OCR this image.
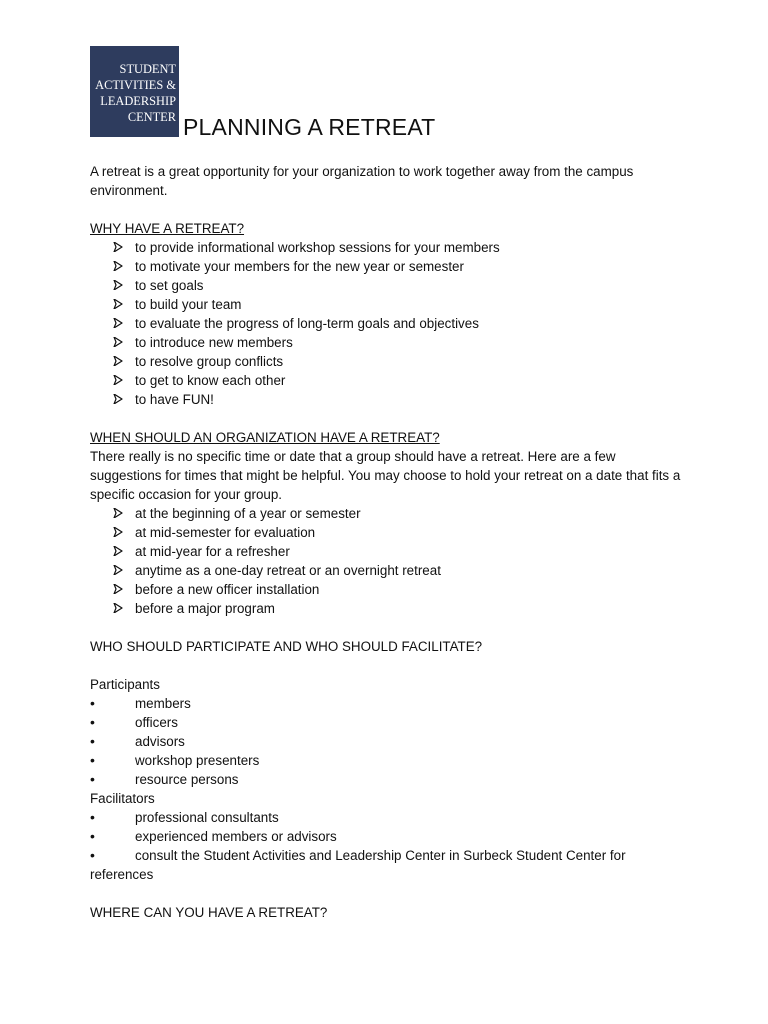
STUDENT
ACTIVITIES &
LEADERSHIP
CENTER PLANNING A RETREAT

A retreat is a great opportunity for your organization to work together away from the campus environment.

WHY HAVE A RETREAT?

to provide informational workshop sessions for your members
to motivate your members for the new year or semester
to set goals
to build your team
to evaluate the progress of long-term goals and objectives
to introduce new members
to resolve group conflicts
to get to know each other
to have FUN!

WHEN SHOULD AN ORGANIZATION HAVE A RETREAT?

There really is no specific time or date that a group should have a retreat. Here are a few suggestions for times that might be helpful. You may choose to hold your retreat on a date that fits a specific occasion for your group.

at the beginning of a year or semester
at mid-semester for evaluation
at mid-year for a refresher
anytime as a one-day retreat or an overnight retreat
before a new officer installation
before a major program

WHO SHOULD PARTICIPATE AND WHO SHOULD FACILITATE?

Participants

•	members
•	officers
•	advisors
•	workshop presenters
•	resource persons

Facilitators

•	professional consultants
•	experienced members or advisors
•	consult the Student Activities and Leadership Center in Surbeck Student Center for references

WHERE CAN YOU HAVE A RETREAT?
